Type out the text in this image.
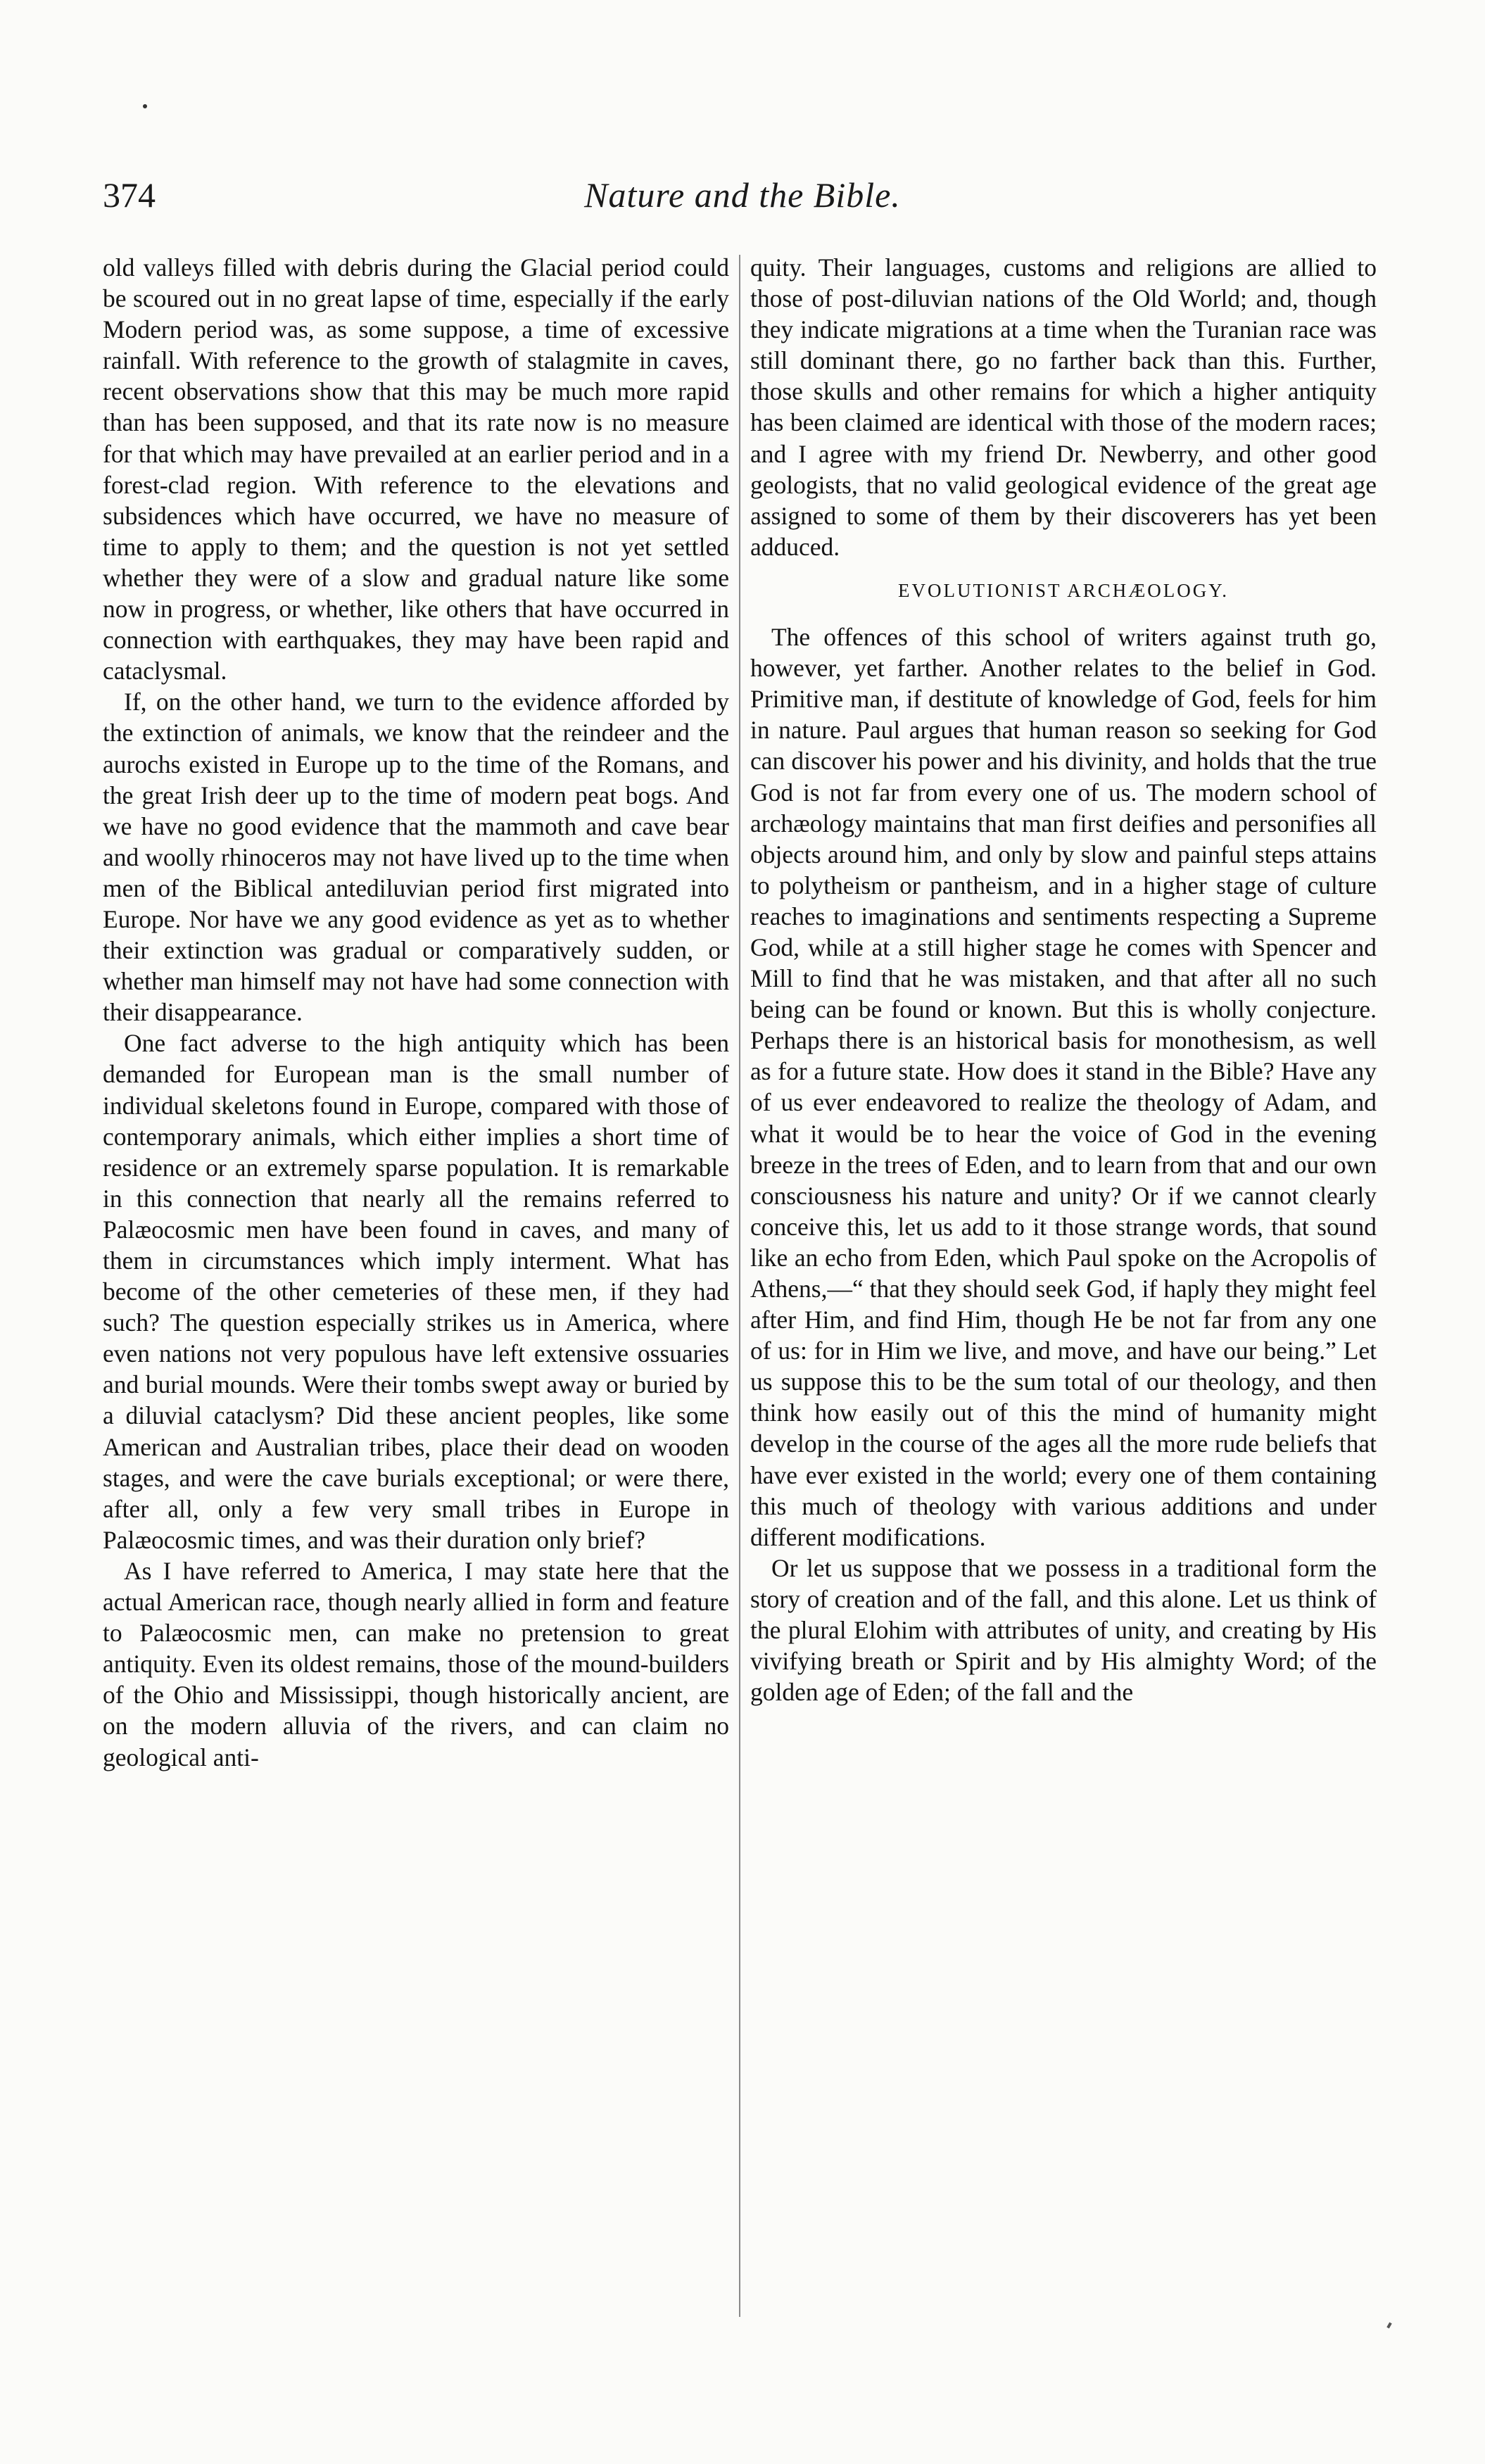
374	Nature and the Bible.

old valleys filled with debris during the Glacial period could be scoured out in no great lapse of time, especially if the early Modern period was, as some suppose, a time of excessive rainfall. With reference to the growth of stalagmite in caves, recent observations show that this may be much more rapid than has been supposed, and that its rate now is no measure for that which may have prevailed at an earlier period and in a forest-clad region. With reference to the elevations and subsidences which have occurred, we have no measure of time to apply to them; and the question is not yet settled whether they were of a slow and gradual nature like some now in progress, or whether, like others that have occurred in connection with earthquakes, they may have been rapid and cataclysmal.

If, on the other hand, we turn to the evidence afforded by the extinction of animals, we know that the reindeer and the aurochs existed in Europe up to the time of the Romans, and the great Irish deer up to the time of modern peat bogs. And we have no good evidence that the mammoth and cave bear and woolly rhinoceros may not have lived up to the time when men of the Biblical antediluvian period first migrated into Europe. Nor have we any good evidence as yet as to whether their extinction was gradual or comparatively sudden, or whether man himself may not have had some connection with their disappearance.

One fact adverse to the high antiquity which has been demanded for European man is the small number of individual skeletons found in Europe, compared with those of contemporary animals, which either implies a short time of residence or an extremely sparse population. It is remarkable in this connection that nearly all the remains referred to Palæocosmic men have been found in caves, and many of them in circumstances which imply interment. What has become of the other cemeteries of these men, if they had such? The question especially strikes us in America, where even nations not very populous have left extensive ossuaries and burial mounds. Were their tombs swept away or buried by a diluvial cataclysm? Did these ancient peoples, like some American and Australian tribes, place their dead on wooden stages, and were the cave burials exceptional; or were there, after all, only a few very small tribes in Europe in Palæocosmic times, and was their duration only brief?

As I have referred to America, I may state here that the actual American race, though nearly allied in form and feature to Palæocosmic men, can make no pretension to great antiquity. Even its oldest remains, those of the mound-builders of the Ohio and Mississippi, though historically ancient, are on the modern alluvia of the rivers, and can claim no geological anti-

quity. Their languages, customs and religions are allied to those of post-diluvian nations of the Old World; and, though they indicate migrations at a time when the Turanian race was still dominant there, go no farther back than this. Further, those skulls and other remains for which a higher antiquity has been claimed are identical with those of the modern races; and I agree with my friend Dr. Newberry, and other good geologists, that no valid geological evidence of the great age assigned to some of them by their discoverers has yet been adduced.

EVOLUTIONIST ARCHÆOLOGY.

The offences of this school of writers against truth go, however, yet farther. Another relates to the belief in God. Primitive man, if destitute of knowledge of God, feels for him in nature. Paul argues that human reason so seeking for God can discover his power and his divinity, and holds that the true God is not far from every one of us. The modern school of archæology maintains that man first deifies and personifies all objects around him, and only by slow and painful steps attains to polytheism or pantheism, and in a higher stage of culture reaches to imaginations and sentiments respecting a Supreme God, while at a still higher stage he comes with Spencer and Mill to find that he was mistaken, and that after all no such being can be found or known. But this is wholly conjecture. Perhaps there is an historical basis for monothesism, as well as for a future state. How does it stand in the Bible? Have any of us ever endeavored to realize the theology of Adam, and what it would be to hear the voice of God in the evening breeze in the trees of Eden, and to learn from that and our own consciousness his nature and unity? Or if we cannot clearly conceive this, let us add to it those strange words, that sound like an echo from Eden, which Paul spoke on the Acropolis of Athens,—“ that they should seek God, if haply they might feel after Him, and find Him, though He be not far from any one of us: for in Him we live, and move, and have our being.” Let us suppose this to be the sum total of our theology, and then think how easily out of this the mind of humanity might develop in the course of the ages all the more rude beliefs that have ever existed in the world; every one of them containing this much of theology with various additions and under different modifications.

Or let us suppose that we possess in a traditional form the story of creation and of the fall, and this alone. Let us think of the plural Elohim with attributes of unity, and creating by His vivifying breath or Spirit and by His almighty Word; of the golden age of Eden; of the fall and the
